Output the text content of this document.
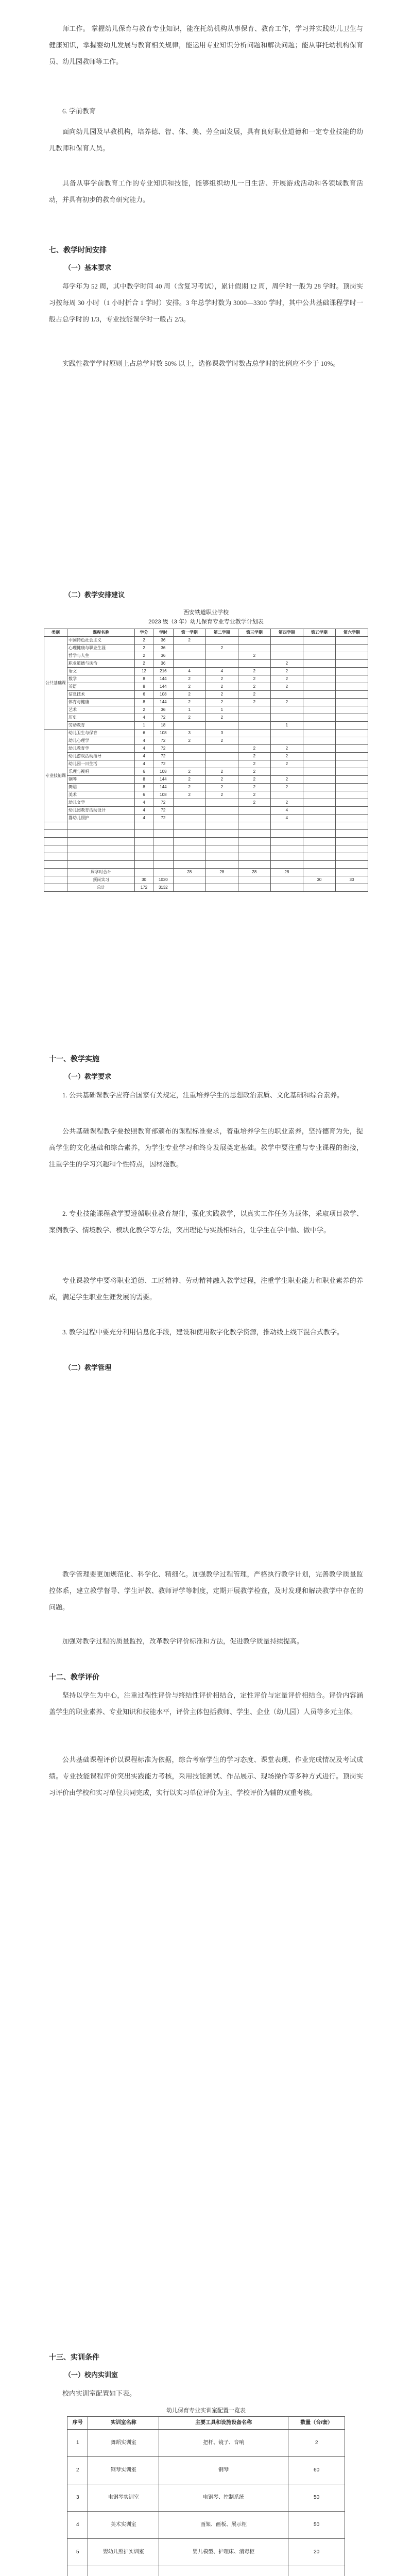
师工作。 掌握幼儿保育与教育专业知识，能在托幼机构从事保育、教育工作，学习并实践幼儿卫生与健康知识，掌握婴幼儿发展与教育相关规律，能运用专业知识分析问题和解决问题；能从事托幼机构保育员、幼儿园教师等工作。
6. 学前教育
面向幼儿园及早教机构，培养德、智、体、美、劳全面发展，具有良好职业道德和一定专业技能的幼儿教师和保育人员。
具备从事学前教育工作的专业知识和技能，能够组织幼儿一日生活、开展游戏活动和各领域教育活动，并具有初步的教育研究能力。
七、教学时间安排
（一）基本要求
每学年为 52 周，其中教学时间 40 周（含复习考试），累计假期 12 周，周学时一般为 28 学时。顶岗实习按每周 30 小时（1 小时折合 1 学时）安排。3 年总学时数为 3000—3300 学时，其中公共基础课程学时一般占总学时的 1/3，专业技能课学时一般占 2/3。
实践性教学学时原则上占总学时数 50% 以上，选修课教学时数占总学时的比例应不少于 10%。
（二）教学安排建议
西安铁道职业学校
2023 级（3 年）幼儿保育专业专业教学计划表
类别	课程名称	学分	学时	第一学期	第二学期	第三学期	第四学期	第五学期	第六学期
公共基础课	中国特色社会主义	2	36	2					
	心理健康与职业生涯	2	36		2				
	哲学与人生	2	36			2			
	职业道德与法治	2	36				2		
	语文	12	216	4	4	2	2		
	数学	8	144	2	2	2	2		
	英语	8	144	2	2	2	2		
	信息技术	6	108	2	2	2			
	体育与健康	8	144	2	2	2	2		
	艺术	2	36	1	1				
	历史	4	72	2	2				
	劳动教育	1	18				1		
专业技能课	幼儿卫生与保育	6	108	3	3				
	幼儿心理学	4	72	2	2				
	幼儿教育学	4	72			2	2		
	幼儿游戏活动指导	4	72			2	2		
	幼儿园一日生活	4	72			2	2		
	乐理与视唱	6	108	2	2	2			
	钢琴	8	144	2	2	2	2		
	舞蹈	8	144	2	2	2	2		
	美术	6	108	2	2	2			
	幼儿文学	4	72			2	2		
	幼儿园教育活动设计	4	72				4		
	婴幼儿照护	4	72				4		

	周学时合计			28	28	28	28		
	顶岗实习	30	1020					30	30
	总计	172	3132						
十一、教学实施
（一）教学要求
1. 公共基础课教学应符合国家有关规定，注重培养学生的思想政治素质、文化基础和综合素养。
公共基础课程教学要按照教育部颁布的课程标准要求，着重培养学生的职业素养，坚持德育为先，提高学生的文化基础和综合素养，为学生专业学习和终身发展奠定基础。教学中要注重与专业课程的衔接，注重学生的学习兴趣和个性特点，因材施教。
2. 专业技能课程教学要遵循职业教育规律，强化实践教学，以真实工作任务为载体，采取项目教学、案例教学、情境教学、模块化教学等方法，突出理论与实践相结合，让学生在学中做、做中学。
专业课教学中要将职业道德、工匠精神、劳动精神融入教学过程，注重学生职业能力和职业素养的养成，满足学生职业生涯发展的需要。
3. 教学过程中要充分利用信息化手段，建设和使用数字化教学资源，推动线上线下混合式教学。
（二）教学管理
教学管理要更加规范化、科学化、精细化。加强教学过程管理，严格执行教学计划，完善教学质量监控体系，建立教学督导、学生评教、教师评学等制度，定期开展教学检查，及时发现和解决教学中存在的问题。
加强对教学过程的质量监控，改革教学评价标准和方法，促进教学质量持续提高。
十二、教学评价
坚持以学生为中心，注重过程性评价与终结性评价相结合，定性评价与定量评价相结合。评价内容涵盖学生的职业素养、专业知识和技能水平，评价主体包括教师、学生、企业（幼儿园）人员等多元主体。
公共基础课程评价以课程标准为依据，综合考察学生的学习态度、课堂表现、作业完成情况及考试成绩。专业技能课程评价突出实践能力考核，采用技能测试、作品展示、现场操作等多种方式进行。顶岗实习评价由学校和实习单位共同完成，实行以实习单位评价为主、学校评价为辅的双重考核。
十三、实训条件
（一）校内实训室
校内实训室配置如下表。
幼儿保育专业实训室配置一览表
序号	实训室名称	主要工具和设施设备名称	数量（台/套）
1	舞蹈实训室	把杆、镜子、音响	2
2	钢琴实训室	钢琴	60
3	电钢琴实训室	电钢琴、控制系统	50
4	美术实训室	画架、画板、展示柜	50
5	婴幼儿照护实训室	婴儿模型、护理床、消毒柜	20
